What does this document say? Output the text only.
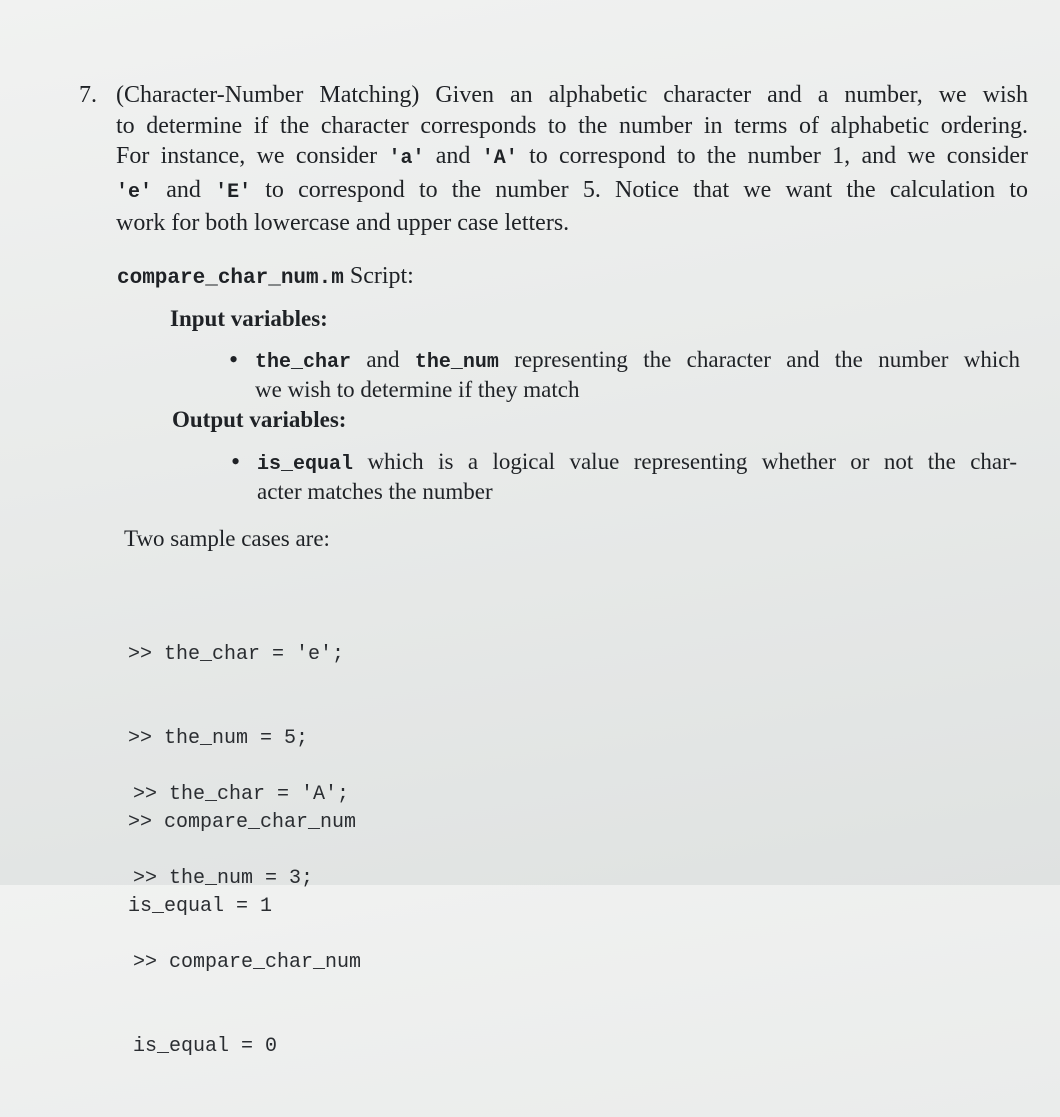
7. (Character-Number Matching) Given an alphabetic character and a number, we wish
to determine if the character corresponds to the number in terms of alphabetic ordering.
For instance, we consider 'a' and 'A' to correspond to the number 1, and we consider
'e' and 'E' to correspond to the number 5. Notice that we want the calculation to
work for both lowercase and upper case letters.
compare_char_num.m Script:
Input variables:
• the_char and the_num representing the character and the number which
we wish to determine if they match
Output variables:
• is_equal which is a logical value representing whether or not the char-
acter matches the number
Two sample cases are:

>> the_char = 'e';

>> the_num = 5;

>> compare_char_num

is_equal = 1

>> the_char = 'A';

>> the_num = 3;

>> compare_char_num

is_equal = 0
